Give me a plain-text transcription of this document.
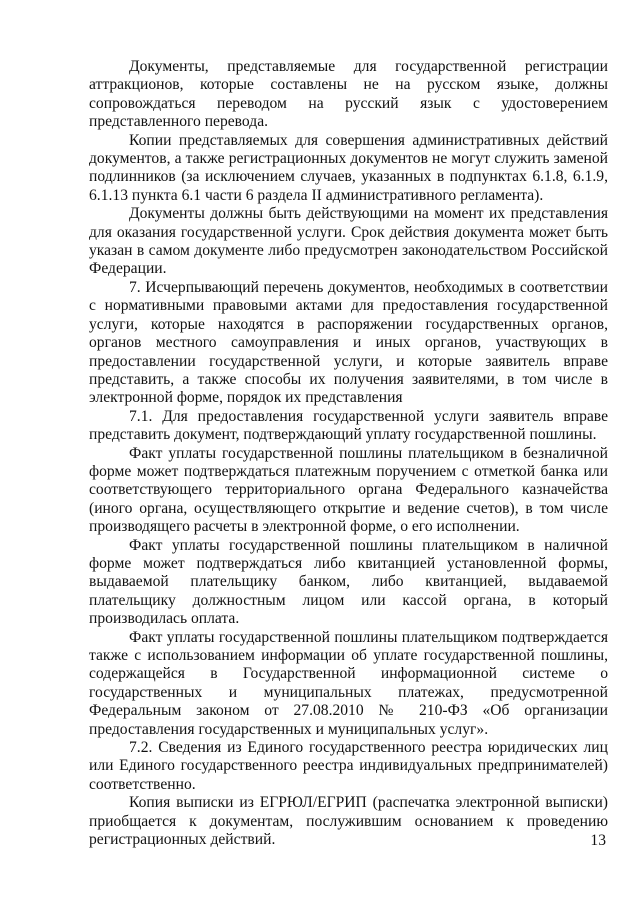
Документы, представляемые для государственной регистрации аттракционов, которые составлены не на русском языке, должны сопровождаться переводом на русский язык с удостоверением представленного перевода.

Копии представляемых для совершения административных действий документов, а также регистрационных документов не могут служить заменой подлинников (за исключением случаев, указанных в подпунктах 6.1.8, 6.1.9, 6.1.13 пункта 6.1 части 6 раздела II административного регламента).

Документы должны быть действующими на момент их представления для оказания государственной услуги. Срок действия документа может быть указан в самом документе либо предусмотрен законодательством Российской Федерации.

7. Исчерпывающий перечень документов, необходимых в соответствии с нормативными правовыми актами для предоставления государственной услуги, которые находятся в распоряжении государственных органов, органов местного самоуправления и иных органов, участвующих в предоставлении государственной услуги, и которые заявитель вправе представить, а также способы их получения заявителями, в том числе в электронной форме, порядок их представления

7.1. Для предоставления государственной услуги заявитель вправе представить документ, подтверждающий уплату государственной пошлины.

Факт уплаты государственной пошлины плательщиком в безналичной форме может подтверждаться платежным поручением с отметкой банка или соответствующего территориального органа Федерального казначейства (иного органа, осуществляющего открытие и ведение счетов), в том числе производящего расчеты в электронной форме, о его исполнении.

Факт уплаты государственной пошлины плательщиком в наличной форме может подтверждаться либо квитанцией установленной формы, выдаваемой плательщику банком, либо квитанцией, выдаваемой плательщику должностным лицом или кассой органа, в который производилась оплата.

Факт уплаты государственной пошлины плательщиком подтверждается также с использованием информации об уплате государственной пошлины, содержащейся в Государственной информационной системе о государственных и муниципальных платежах, предусмотренной Федеральным законом от 27.08.2010 № 210-ФЗ «Об организации предоставления государственных и муниципальных услуг».

7.2. Сведения из Единого государственного реестра юридических лиц или Единого государственного реестра индивидуальных предпринимателей) соответственно.

Копия выписки из ЕГРЮЛ/ЕГРИП (распечатка электронной выписки) приобщается к документам, послужившим основанием к проведению регистрационных действий.	13
